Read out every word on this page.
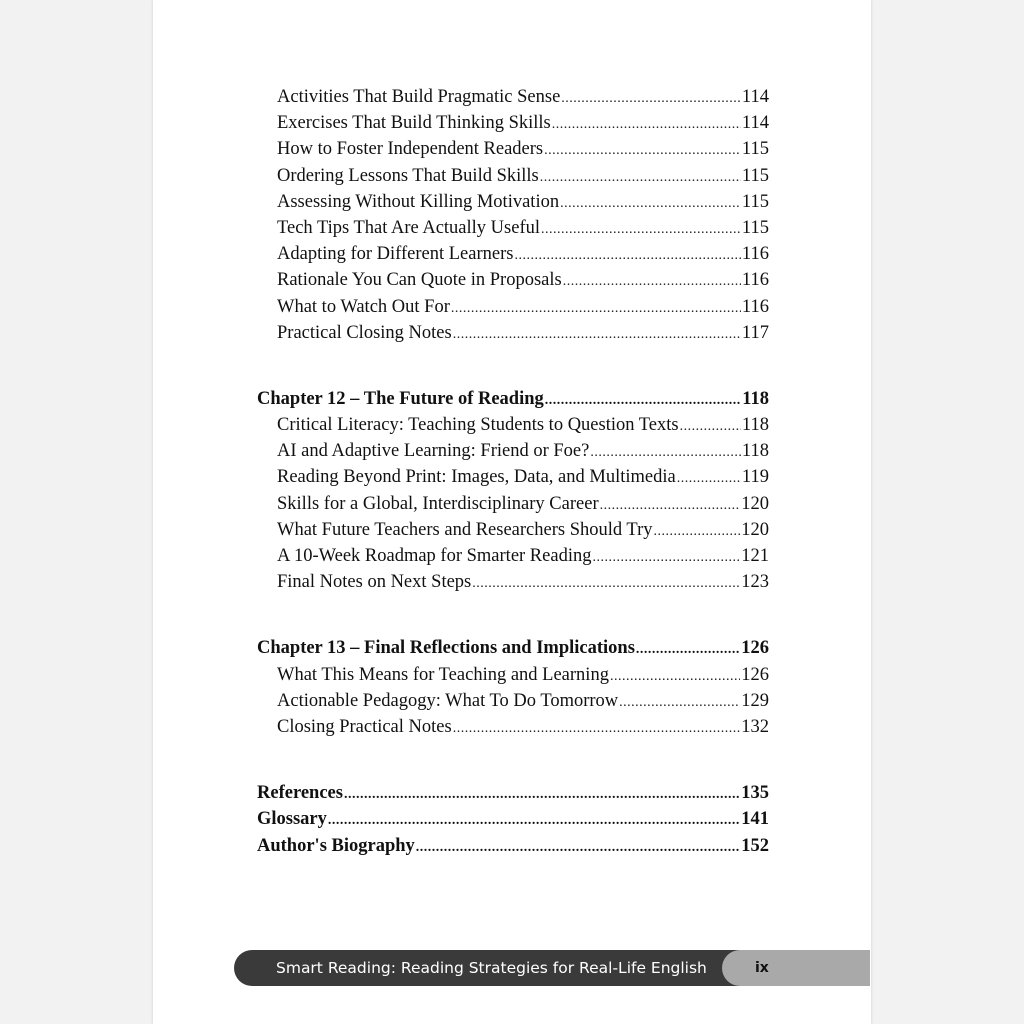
Activities That Build Pragmatic Sense .....	114
Exercises That Build Thinking Skills .....	114
How to Foster Independent Readers .....	115
Ordering Lessons That Build Skills .....	115
Assessing Without Killing Motivation .....	115
Tech Tips That Are Actually Useful .....	115
Adapting for Different Learners .....	116
Rationale You Can Quote in Proposals .....	116
What to Watch Out For .....	116
Practical Closing Notes .....	117
Chapter 12 – The Future of Reading .....	118
Critical Literacy: Teaching Students to Question Texts .....	118
AI and Adaptive Learning: Friend or Foe? .....	118
Reading Beyond Print: Images, Data, and Multimedia .....	119
Skills for a Global, Interdisciplinary Career .....	120
What Future Teachers and Researchers Should Try .....	120
A 10-Week Roadmap for Smarter Reading .....	121
Final Notes on Next Steps .....	123
Chapter 13 – Final Reflections and Implications .....	126
What This Means for Teaching and Learning .....	126
Actionable Pedagogy: What To Do Tomorrow .....	129
Closing Practical Notes .....	132
References .....	135
Glossary .....	141
Author's Biography .....	152
Smart Reading: Reading Strategies for Real-Life English	ix
